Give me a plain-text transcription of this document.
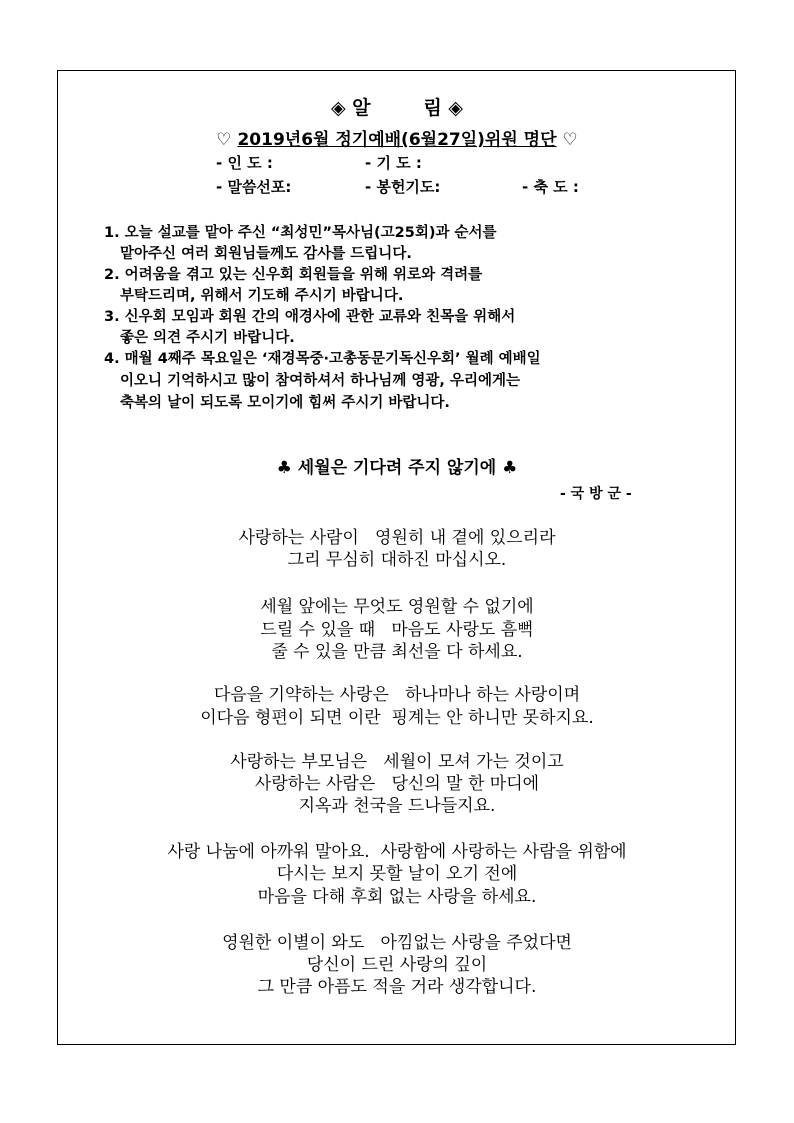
◈ 알        림 ◈
♡ 2019년6월 정기예배(6월27일)위원 명단 ♡
- 인 도 :	- 기 도 :
- 말씀선포:	- 봉헌기도:	- 축 도 :
1. 오늘 설교를 맡아 주신 “최성민”목사님(고25회)과 순서를
맡아주신 여러 회원님들께도 감사를 드립니다.
2. 어려움을 겪고 있는 신우회 회원들을 위해 위로와 격려를
부탁드리며, 위해서 기도해 주시기 바랍니다.
3. 신우회 모임과 회원 간의 애경사에 관한 교류와 친목을 위해서
좋은 의견 주시기 바랍니다.
4. 매월 4째주 목요일은 ‘재경목중·고총동문기독신우회’ 월례 예배일
이오니 기억하시고 많이 참여하셔서 하나님께 영광, 우리에게는
축복의 날이 되도록 모이기에 힘써 주시기 바랍니다.
♣ 세월은 기다려 주지 않기에 ♣
- 국 방 군 -
사랑하는 사람이   영원히 내 곁에 있으리라
그리 무심히 대하진 마십시오.
세월 앞에는 무엇도 영원할 수 없기에
드릴 수 있을 때   마음도 사랑도 흠뻑
줄 수 있을 만큼 최선을 다 하세요.
다음을 기약하는 사랑은   하나마나 하는 사랑이며
이다음 형편이 되면 이란  핑계는 안 하니만 못하지요.
사랑하는 부모님은   세월이 모셔 가는 것이고
사랑하는 사람은   당신의 말 한 마디에
지옥과 천국을 드나들지요.
사랑 나눔에 아까워 말아요.  사랑함에 사랑하는 사람을 위함에
다시는 보지 못할 날이 오기 전에
마음을 다해 후회 없는 사랑을 하세요.
영원한 이별이 와도   아낌없는 사랑을 주었다면
당신이 드린 사랑의 깊이
그 만큼 아픔도 적을 거라 생각합니다.
